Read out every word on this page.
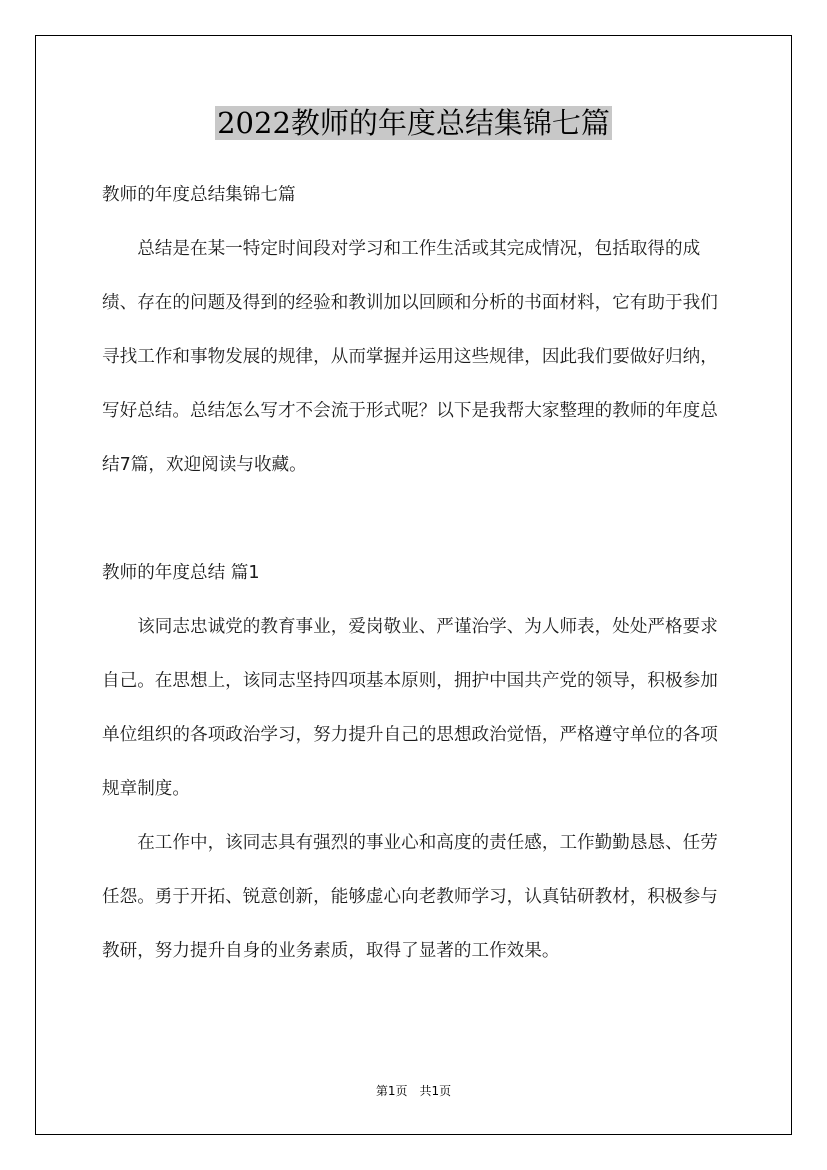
2022教师的年度总结集锦七篇

教师的年度总结集锦七篇

总结是在某一特定时间段对学习和工作生活或其完成情况，包括取得的成绩、存在的问题及得到的经验和教训加以回顾和分析的书面材料，它有助于我们寻找工作和事物发展的规律，从而掌握并运用这些规律，因此我们要做好归纳，写好总结。总结怎么写才不会流于形式呢？以下是我帮大家整理的教师的年度总结7篇，欢迎阅读与收藏。

教师的年度总结 篇1

该同志忠诚党的教育事业，爱岗敬业、严谨治学、为人师表，处处严格要求自己。在思想上，该同志坚持四项基本原则，拥护中国共产党的领导，积极参加单位组织的各项政治学习，努力提升自己的思想政治觉悟，严格遵守单位的各项规章制度。

在工作中，该同志具有强烈的事业心和高度的责任感，工作勤勤恳恳、任劳任怨。勇于开拓、锐意创新，能够虚心向老教师学习，认真钻研教材，积极参与教研，努力提升自身的业务素质，取得了显著的工作效果。

第1页 共1页
